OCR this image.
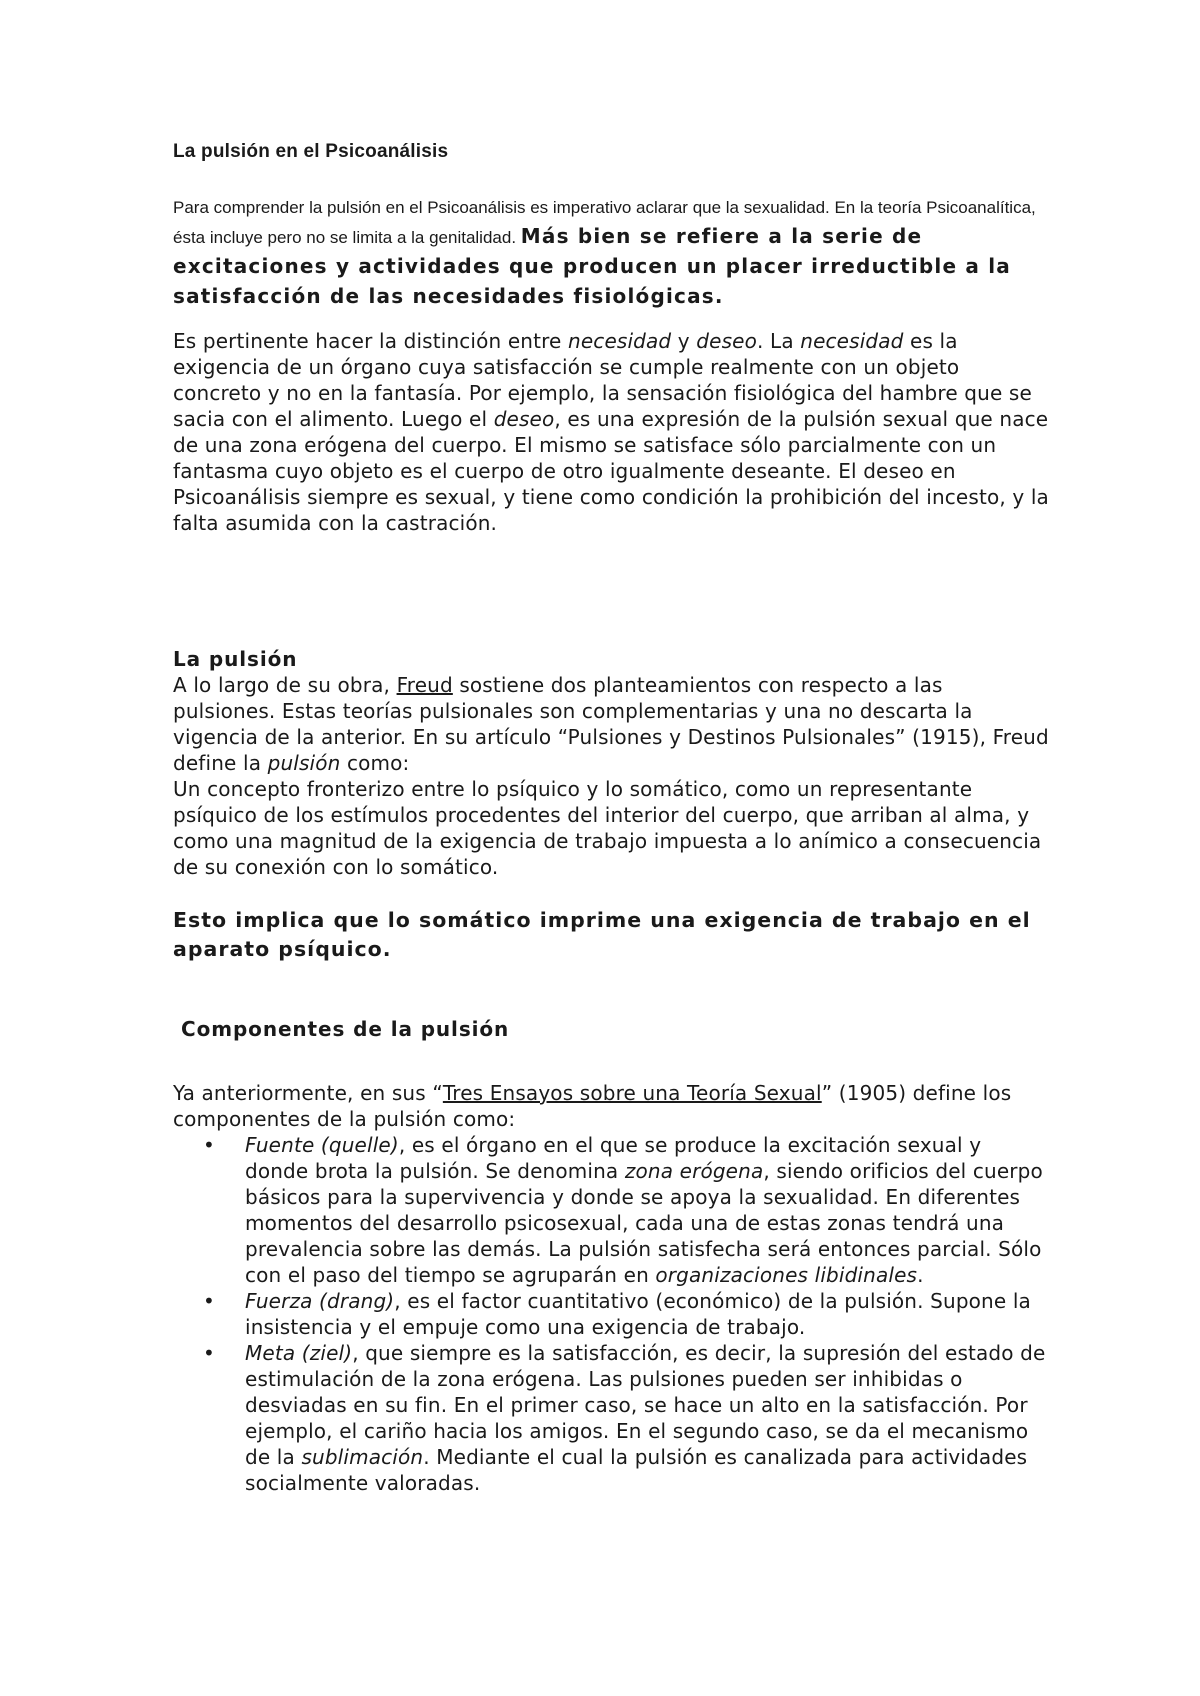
La pulsión en el Psicoanálisis

Para comprender la pulsión en el Psicoanálisis es imperativo aclarar que la sexualidad. En la teoría Psicoanalítica, ésta incluye pero no se limita a la genitalidad. Más bien se refiere a la serie de excitaciones y actividades que producen un placer irreductible a la satisfacción de las necesidades fisiológicas.

Es pertinente hacer la distinción entre necesidad y deseo. La necesidad es la exigencia de un órgano cuya satisfacción se cumple realmente con un objeto concreto y no en la fantasía. Por ejemplo, la sensación fisiológica del hambre que se sacia con el alimento. Luego el deseo, es una expresión de la pulsión sexual que nace de una zona erógena del cuerpo. El mismo se satisface sólo parcialmente con un fantasma cuyo objeto es el cuerpo de otro igualmente deseante. El deseo en Psicoanálisis siempre es sexual, y tiene como condición la prohibición del incesto, y la falta asumida con la castración.

La pulsión

A lo largo de su obra, Freud sostiene dos planteamientos con respecto a las pulsiones. Estas teorías pulsionales son complementarias y una no descarta la vigencia de la anterior. En su artículo “Pulsiones y Destinos Pulsionales” (1915), Freud define la pulsión como:

Un concepto fronterizo entre lo psíquico y lo somático, como un representante psíquico de los estímulos procedentes del interior del cuerpo, que arriban al alma, y como una magnitud de la exigencia de trabajo impuesta a lo anímico a consecuencia de su conexión con lo somático.

Esto implica que lo somático imprime una exigencia de trabajo en el aparato psíquico.

Componentes de la pulsión

Ya anteriormente, en sus “Tres Ensayos sobre una Teoría Sexual” (1905) define los componentes de la pulsión como:

• Fuente (quelle), es el órgano en el que se produce la excitación sexual y donde brota la pulsión. Se denomina zona erógena, siendo orificios del cuerpo básicos para la supervivencia y donde se apoya la sexualidad. En diferentes momentos del desarrollo psicosexual, cada una de estas zonas tendrá una prevalencia sobre las demás. La pulsión satisfecha será entonces parcial. Sólo con el paso del tiempo se agruparán en organizaciones libidinales.
• Fuerza (drang), es el factor cuantitativo (económico) de la pulsión. Supone la insistencia y el empuje como una exigencia de trabajo.
• Meta (ziel), que siempre es la satisfacción, es decir, la supresión del estado de estimulación de la zona erógena. Las pulsiones pueden ser inhibidas o desviadas en su fin. En el primer caso, se hace un alto en la satisfacción. Por ejemplo, el cariño hacia los amigos. En el segundo caso, se da el mecanismo de la sublimación. Mediante el cual la pulsión es canalizada para actividades socialmente valoradas.
